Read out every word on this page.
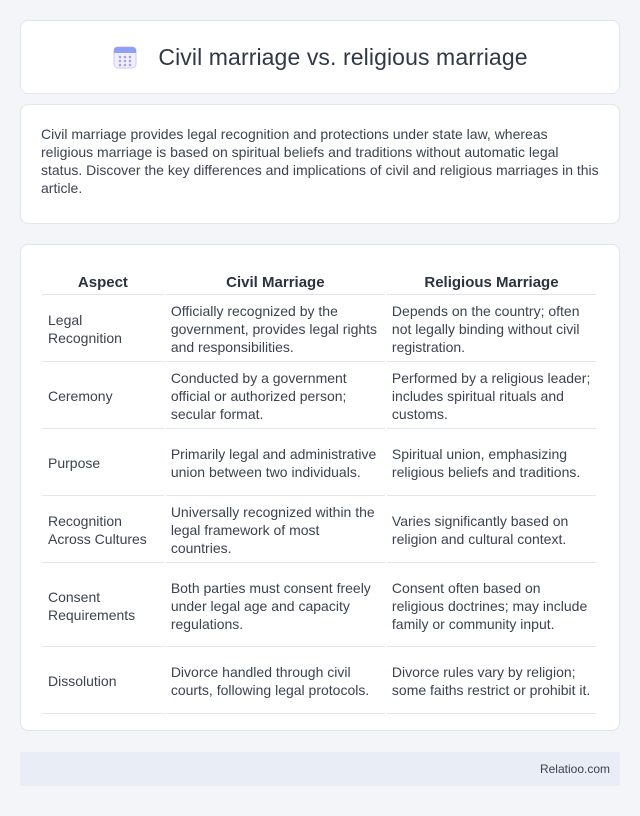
Civil marriage vs. religious marriage

Civil marriage provides legal recognition and protections under state law, whereas religious marriage is based on spiritual beliefs and traditions without automatic legal status. Discover the key differences and implications of civil and religious marriages in this article.

Aspect	Civil Marriage	Religious Marriage
Legal Recognition	Officially recognized by the government, provides legal rights and responsibilities.	Depends on the country; often not legally binding without civil registration.
Ceremony	Conducted by a government official or authorized person; secular format.	Performed by a religious leader; includes spiritual rituals and customs.
Purpose	Primarily legal and administrative union between two individuals.	Spiritual union, emphasizing religious beliefs and traditions.
Recognition Across Cultures	Universally recognized within the legal framework of most countries.	Varies significantly based on religion and cultural context.
Consent Requirements	Both parties must consent freely under legal age and capacity regulations.	Consent often based on religious doctrines; may include family or community input.
Dissolution	Divorce handled through civil courts, following legal protocols.	Divorce rules vary by religion; some faiths restrict or prohibit it.
Relatioo.com
